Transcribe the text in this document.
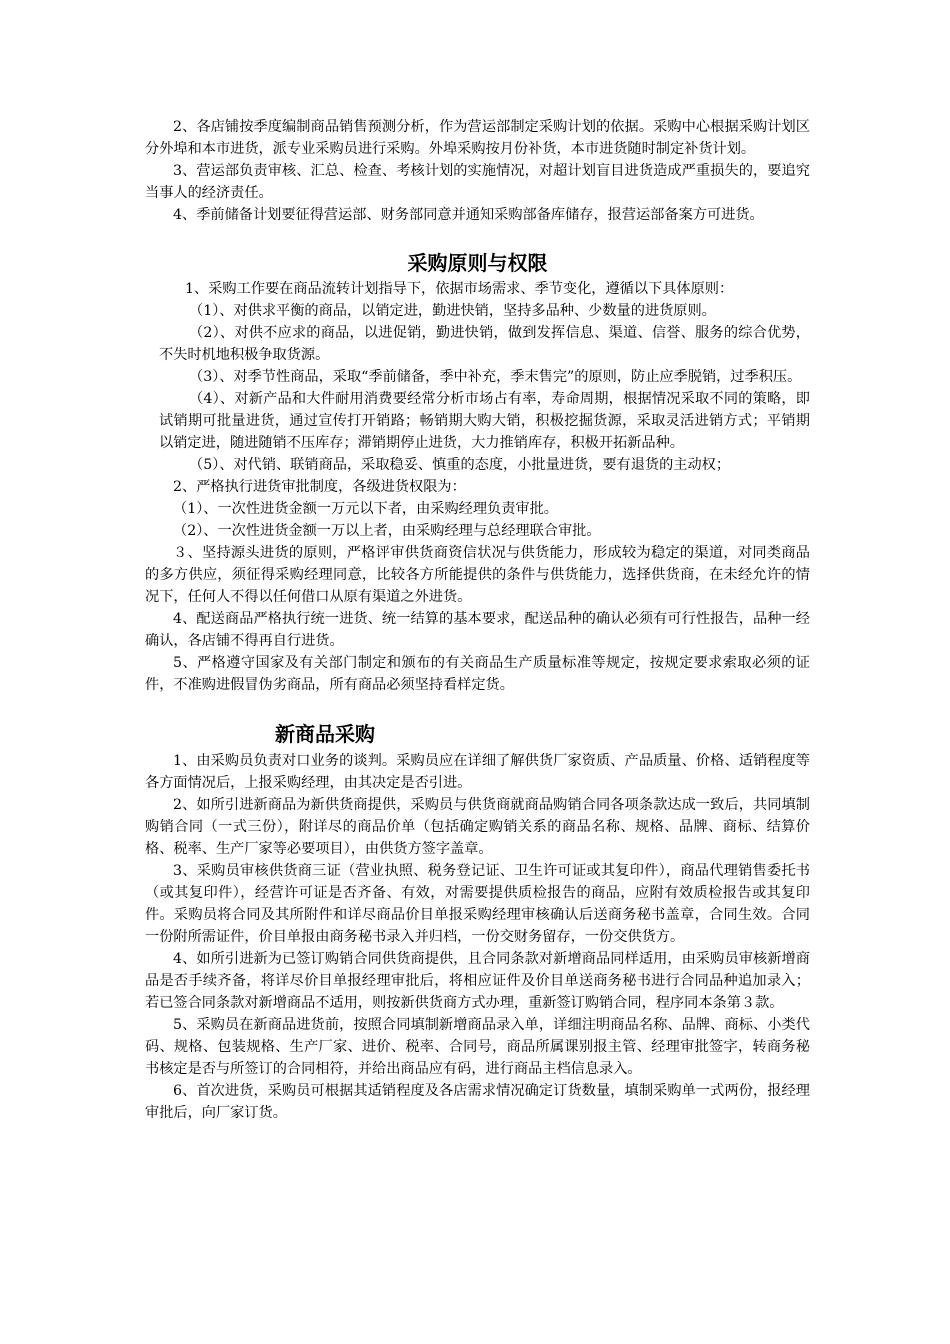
2、各店铺按季度编制商品销售预测分析，作为营运部制定采购计划的依据。采购中心根据采购计划区分外埠和本市进货，派专业采购员进行采购。外埠采购按月份补货，本市进货随时制定补货计划。

3、营运部负责审核、汇总、检查、考核计划的实施情况，对超计划盲目进货造成严重损失的，要追究当事人的经济责任。

4、季前储备计划要征得营运部、财务部同意并通知采购部备库储存，报营运部备案方可进货。

采购原则与权限

1、采购工作要在商品流转计划指导下，依据市场需求、季节变化，遵循以下具体原则：

（1）、对供求平衡的商品，以销定进，勤进快销，坚持多品种、少数量的进货原则。

（2）、对供不应求的商品，以进促销，勤进快销，做到发挥信息、渠道、信誉、服务的综合优势，不失时机地积极争取货源。

（3）、对季节性商品，采取“季前储备，季中补充，季末售完”的原则，防止应季脱销，过季积压。

（4）、对新产品和大件耐用消费要经常分析市场占有率，寿命周期，根据情况采取不同的策略，即试销期可批量进货，通过宣传打开销路；畅销期大购大销，积极挖掘货源，采取灵活进销方式；平销期以销定进，随进随销不压库存；滞销期停止进货，大力推销库存，积极开拓新品种。

（5）、对代销、联销商品，采取稳妥、慎重的态度，小批量进货，要有退货的主动权；

2、严格执行进货审批制度，各级进货权限为：

（1）、一次性进货金额一万元以下者，由采购经理负责审批。

（2）、一次性进货金额一万以上者，由采购经理与总经理联合审批。

３、坚持源头进货的原则，严格评审供货商资信状况与供货能力，形成较为稳定的渠道，对同类商品的多方供应，须征得采购经理同意，比较各方所能提供的条件与供货能力，选择供货商，在未经允许的情况下，任何人不得以任何借口从原有渠道之外进货。

4、配送商品严格执行统一进货、统一结算的基本要求，配送品种的确认必须有可行性报告，品种一经确认，各店铺不得再自行进货。

5、严格遵守国家及有关部门制定和颁布的有关商品生产质量标准等规定，按规定要求索取必须的证件，不准购进假冒伪劣商品，所有商品必须坚持看样定货。

新商品采购

1、由采购员负责对口业务的谈判。采购员应在详细了解供货厂家资质、产品质量、价格、适销程度等各方面情况后，上报采购经理，由其决定是否引进。

2、如所引进新商品为新供货商提供，采购员与供货商就商品购销合同各项条款达成一致后，共同填制购销合同（一式三份），附详尽的商品价单（包括确定购销关系的商品名称、规格、品牌、商标、结算价格、税率、生产厂家等必要项目），由供货方签字盖章。

3、采购员审核供货商三证（营业执照、税务登记证、卫生许可证或其复印件），商品代理销售委托书（或其复印件），经营许可证是否齐备、有效，对需要提供质检报告的商品，应附有效质检报告或其复印件。采购员将合同及其所附件和详尽商品价目单报采购经理审核确认后送商务秘书盖章，合同生效。合同一份附所需证件，价目单报由商务秘书录入并归档，一份交财务留存，一份交供货方。

4、如所引进新为已签订购销合同供货商提供，且合同条款对新增商品同样适用，由采购员审核新增商品是否手续齐备，将详尽价目单报经理审批后，将相应证件及价目单送商务秘书进行合同品种追加录入；若已签合同条款对新增商品不适用，则按新供货商方式办理，重新签订购销合同，程序同本条第３款。

5、采购员在新商品进货前，按照合同填制新增商品录入单，详细注明商品名称、品牌、商标、小类代码、规格、包装规格、生产厂家、进价、税率、合同号，商品所属课别报主管、经理审批签字，转商务秘书核定是否与所签订的合同相符，并给出商品应有码，进行商品主档信息录入。

6、首次进货，采购员可根据其适销程度及各店需求情况确定订货数量，填制采购单一式两份，报经理审批后，向厂家订货。
